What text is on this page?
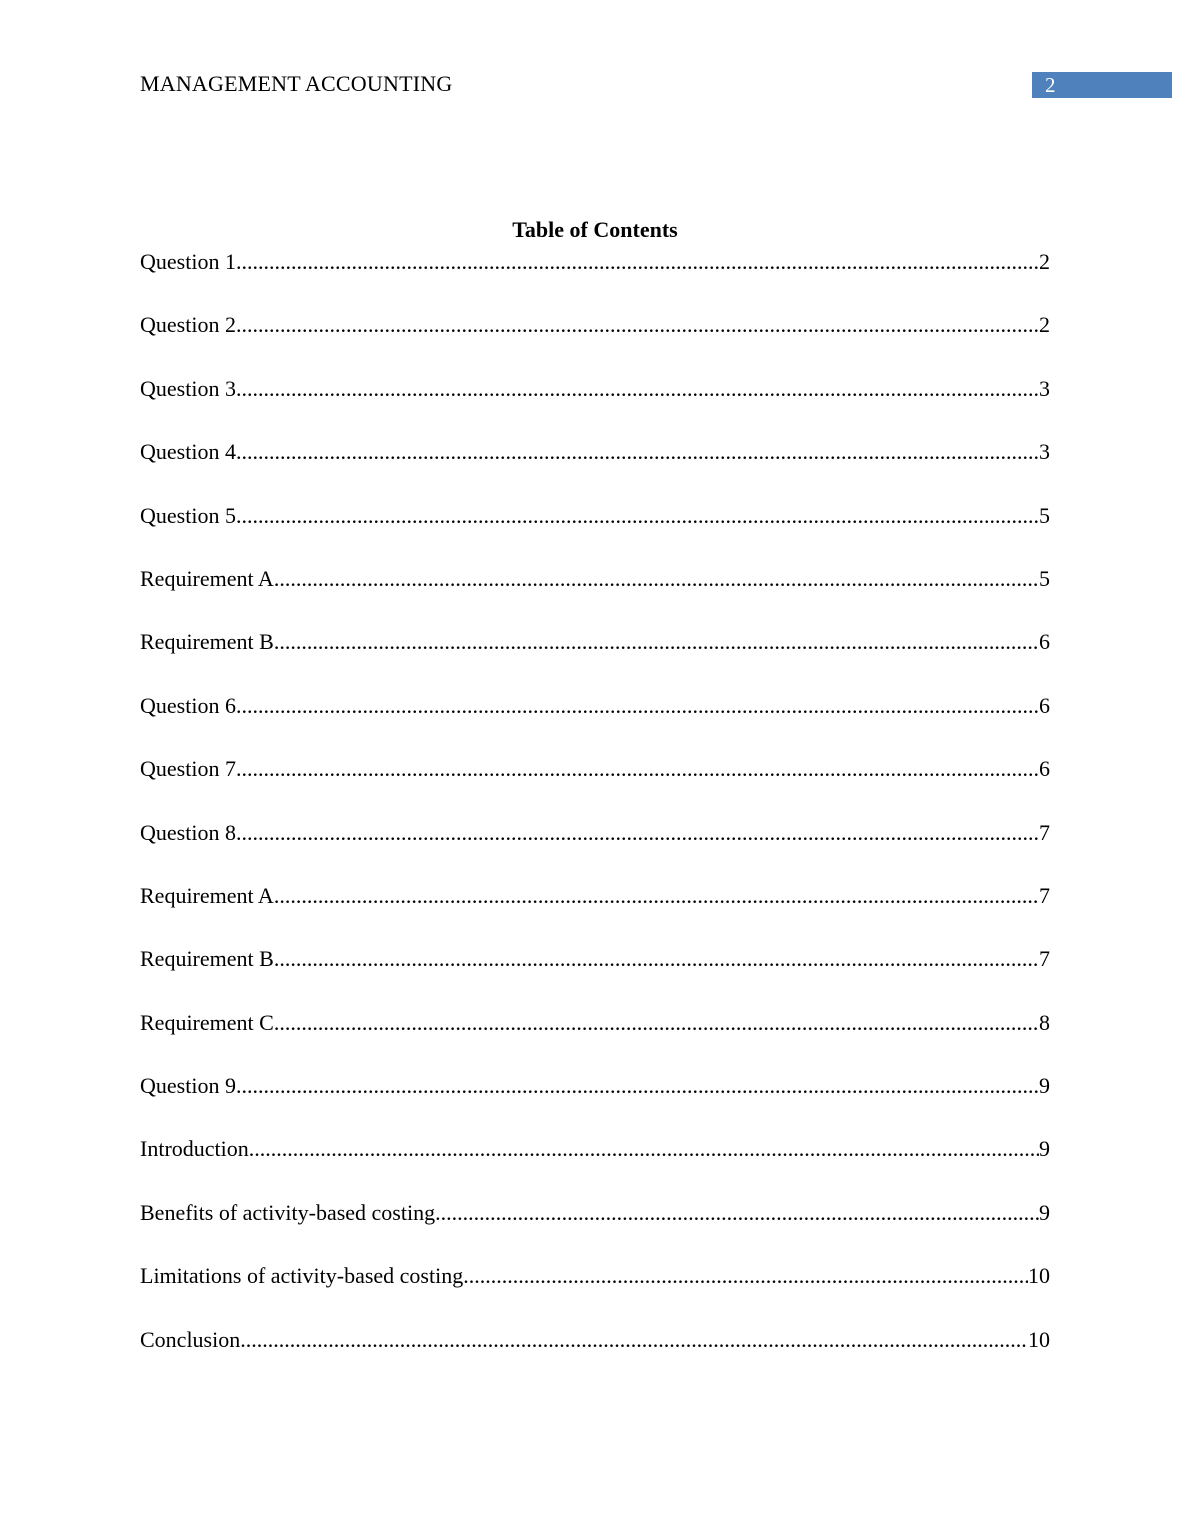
MANAGEMENT ACCOUNTING	2
Table of Contents
Question 1 .....	2
Question 2 .....	2
Question 3 .....	3
Question 4 .....	3
Question 5 .....	5
Requirement A .....	5
Requirement B .....	6
Question 6 .....	6
Question 7 .....	6
Question 8 .....	7
Requirement A .....	7
Requirement B .....	7
Requirement C .....	8
Question 9 .....	9
Introduction .....	9
Benefits of activity-based costing .....	9
Limitations of activity-based costing .....	10
Conclusion .....	10
